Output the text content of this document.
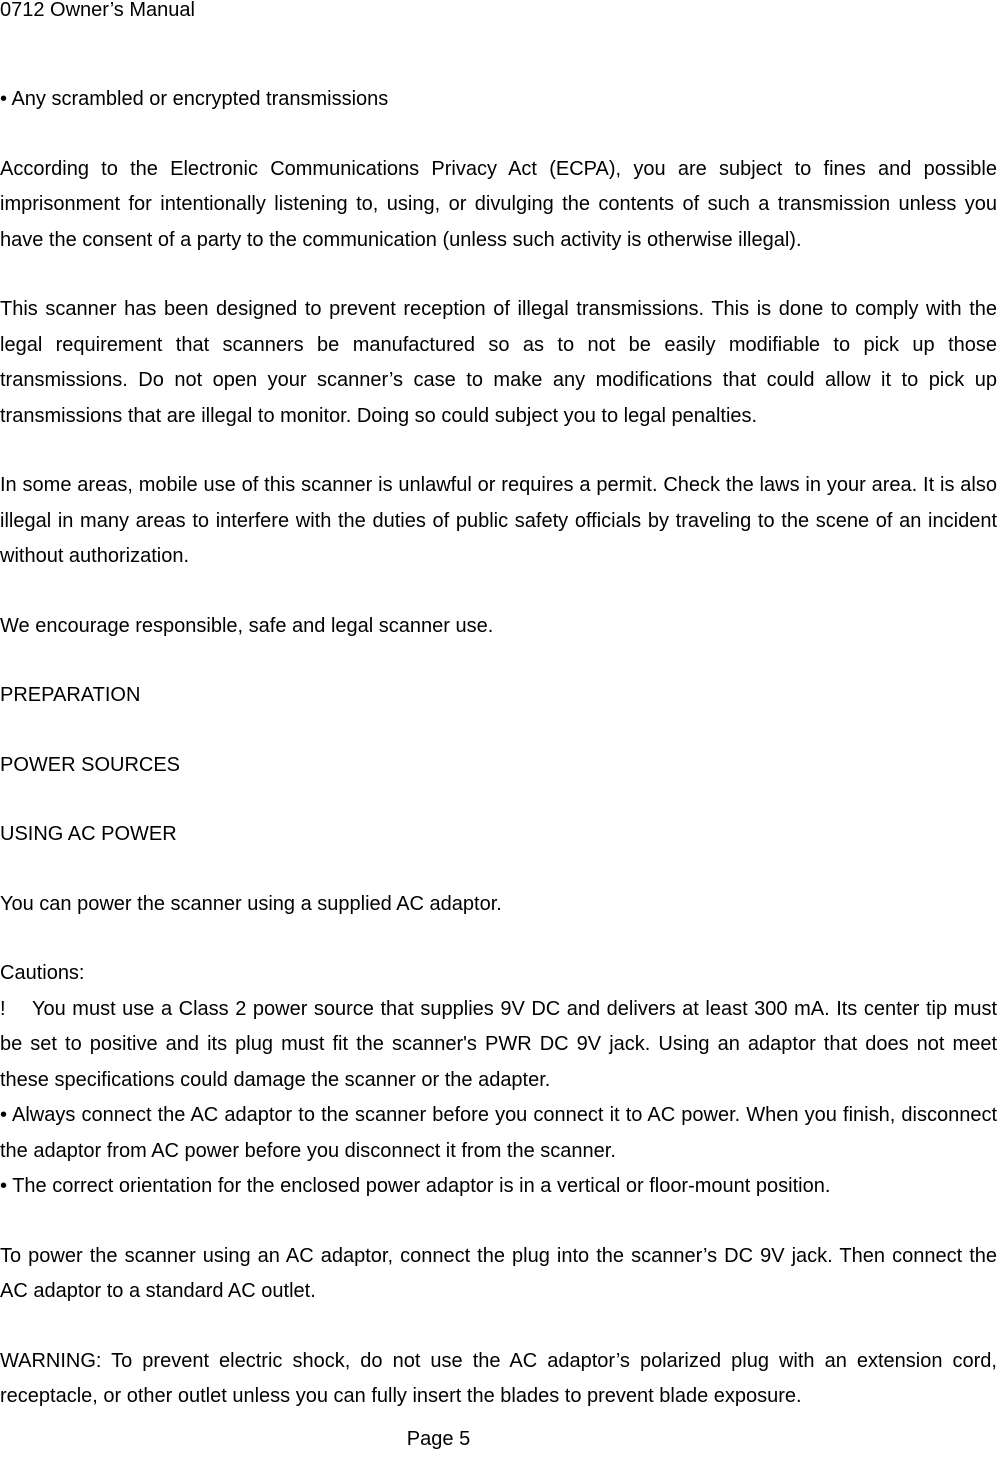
0712 Owner’s Manual

• Any scrambled or encrypted transmissions

According to the Electronic Communications Privacy Act (ECPA), you are subject to fines and possible imprisonment for intentionally listening to, using, or divulging the contents of such a transmission unless you have the consent of a party to the communication (unless such activity is otherwise illegal).

This scanner has been designed to prevent reception of illegal transmissions. This is done to comply with the legal requirement that scanners be manufactured so as to not be easily modifiable to pick up those transmissions. Do not open your scanner’s case to make any modifications that could allow it to pick up transmissions that are illegal to monitor. Doing so could subject you to legal penalties.

In some areas, mobile use of this scanner is unlawful or requires a permit. Check the laws in your area. It is also illegal in many areas to interfere with the duties of public safety officials by traveling to the scene of an incident without authorization.

We encourage responsible, safe and legal scanner use.

PREPARATION

POWER SOURCES

USING AC POWER

You can power the scanner using a supplied AC adaptor.

Cautions:

!	You must use a Class 2 power source that supplies 9V DC and delivers at least 300 mA. Its center tip must be set to positive and its plug must fit the scanner's PWR DC 9V jack. Using an adaptor that does not meet these specifications could damage the scanner or the adapter.

• Always connect the AC adaptor to the scanner before you connect it to AC power. When you finish, disconnect the adaptor from AC power before you disconnect it from the scanner.

• The correct orientation for the enclosed power adaptor is in a vertical or floor-mount position.

To power the scanner using an AC adaptor, connect the plug into the scanner’s DC 9V jack. Then connect the AC adaptor to a standard AC outlet.

WARNING: To prevent electric shock, do not use the AC adaptor’s polarized plug with an extension cord, receptacle, or other outlet unless you can fully insert the blades to prevent blade exposure.

Page 5
